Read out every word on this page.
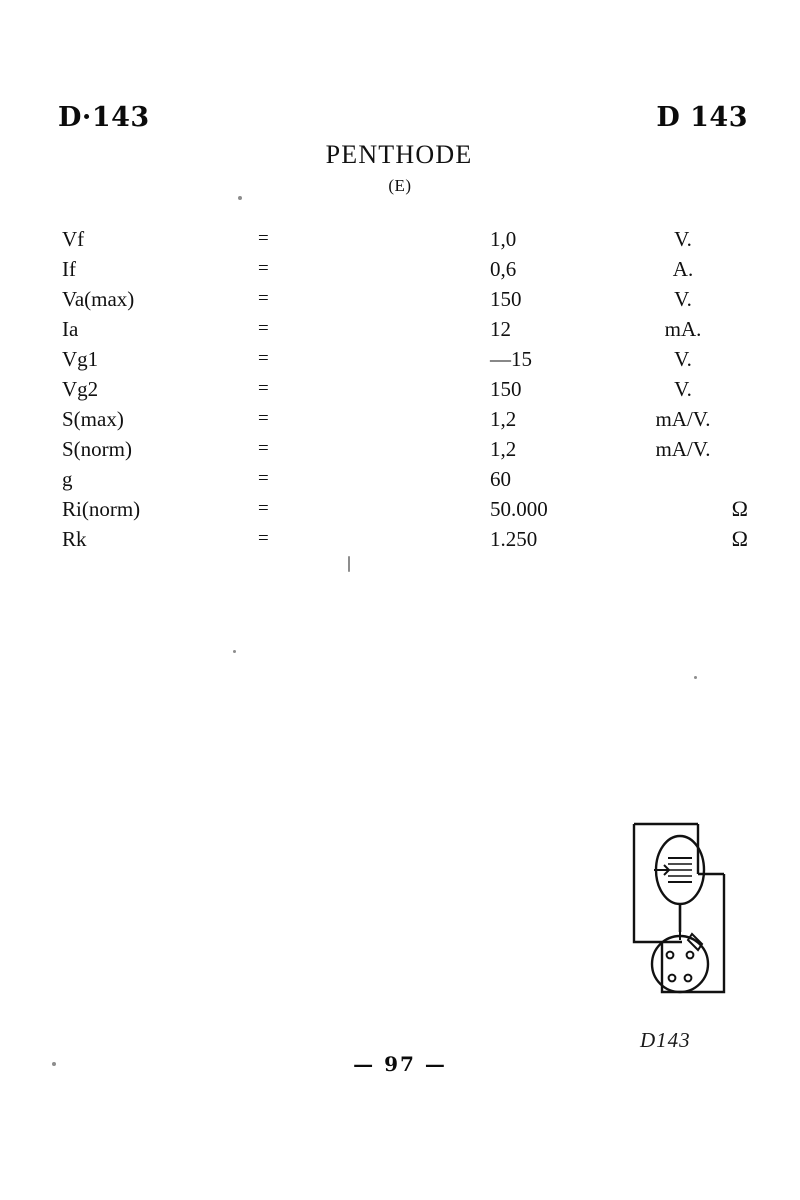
D·143	D 143
PENTHODE
(E)
Vf	=	1,0	V.
If	=	0,6	A.
Va(max)	=	150	V.
Ia	=	12	mA.
Vg1	=	—15	V.
Vg2	=	150	V.
S(max)	=	1,2	mA/V.
S(norm)	=	1,2	mA/V.
g	=	60
Ri(norm)	=	50.000	Ω
Rk	=	1.250	Ω
D143
— 97 —
